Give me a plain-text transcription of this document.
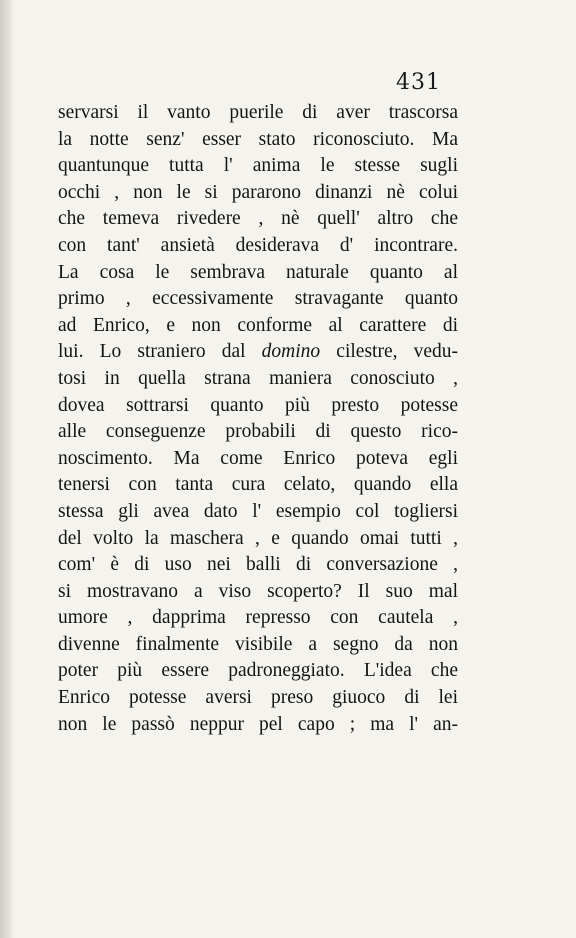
431
servarsi il vanto puerile di aver trascorsa
la notte senz' esser stato riconosciuto. Ma
quantunque tutta l' anima le stesse sugli
occhi , non le si pararono dinanzi nè colui
che temeva rivedere , nè quell' altro che
con tant' ansietà desiderava d' incontrare.
La cosa le sembrava naturale quanto al
primo , eccessivamente stravagante quanto
ad Enrico, e non conforme al carattere di
lui. Lo straniero dal domino cilestre, vedu-
tosi in quella strana maniera conosciuto ,
dovea sottrarsi quanto più presto potesse
alle conseguenze probabili di questo rico-
noscimento. Ma come Enrico poteva egli
tenersi con tanta cura celato, quando ella
stessa gli avea dato l' esempio col togliersi
del volto la maschera , e quando omai tutti ,
com' è di uso nei balli di conversazione ,
si mostravano a viso scoperto? Il suo mal
umore , dapprima represso con cautela ,
divenne finalmente visibile a segno da non
poter più essere padroneggiato. L'idea che
Enrico potesse aversi preso giuoco di lei
non le passò neppur pel capo ; ma l' an-
